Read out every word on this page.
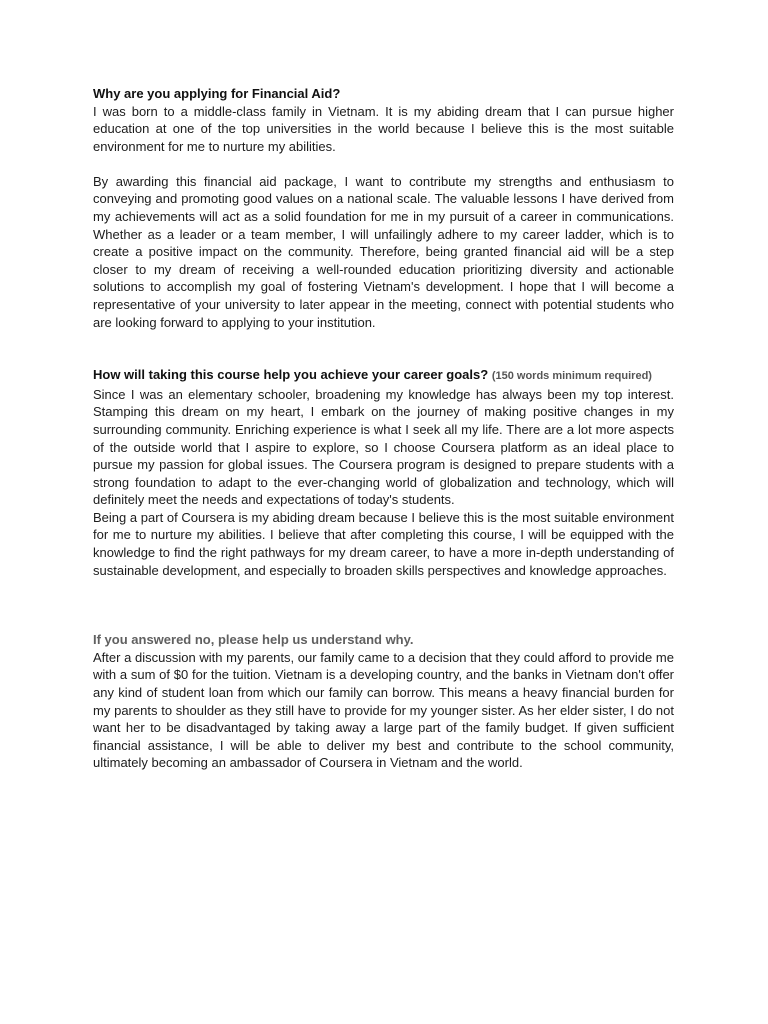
Why are you applying for Financial Aid?

I was born to a middle-class family in Vietnam. It is my abiding dream that I can pursue higher education at one of the top universities in the world because I believe this is the most suitable environment for me to nurture my abilities.

By awarding this financial aid package, I want to contribute my strengths and enthusiasm to conveying and promoting good values on a national scale. The valuable lessons I have derived from my achievements will act as a solid foundation for me in my pursuit of a career in communications. Whether as a leader or a team member, I will unfailingly adhere to my career ladder, which is to create a positive impact on the community. Therefore, being granted financial aid will be a step closer to my dream of receiving a well-rounded education prioritizing diversity and actionable solutions to accomplish my goal of fostering Vietnam's development. I hope that I will become a representative of your university to later appear in the meeting, connect with potential students who are looking forward to applying to your institution.

How will taking this course help you achieve your career goals? (150 words minimum required)

Since I was an elementary schooler, broadening my knowledge has always been my top interest. Stamping this dream on my heart, I embark on the journey of making positive changes in my surrounding community. Enriching experience is what I seek all my life. There are a lot more aspects of the outside world that I aspire to explore, so I choose Coursera platform as an ideal place to pursue my passion for global issues. The Coursera program is designed to prepare students with a strong foundation to adapt to the ever-changing world of globalization and technology, which will definitely meet the needs and expectations of today's students.

Being a part of Coursera is my abiding dream because I believe this is the most suitable environment for me to nurture my abilities. I believe that after completing this course, I will be equipped with the knowledge to find the right pathways for my dream career, to have a more in-depth understanding of sustainable development, and especially to broaden skills perspectives and knowledge approaches.

If you answered no, please help us understand why.

After a discussion with my parents, our family came to a decision that they could afford to provide me with a sum of $0 for the tuition. Vietnam is a developing country, and the banks in Vietnam don't offer any kind of student loan from which our family can borrow. This means a heavy financial burden for my parents to shoulder as they still have to provide for my younger sister. As her elder sister, I do not want her to be disadvantaged by taking away a large part of the family budget. If given sufficient financial assistance, I will be able to deliver my best and contribute to the school community, ultimately becoming an ambassador of Coursera in Vietnam and the world.
